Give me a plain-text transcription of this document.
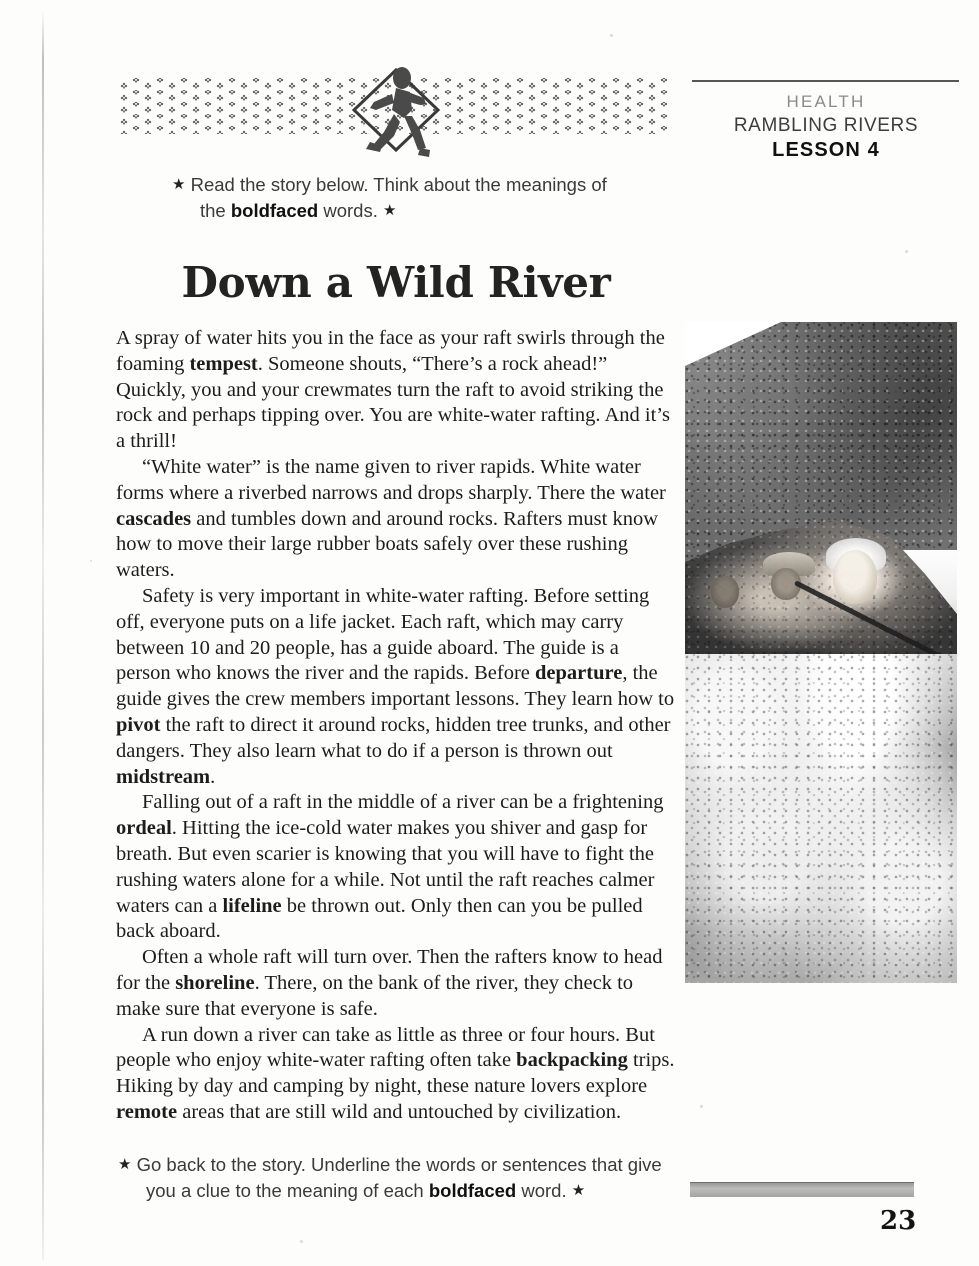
HEALTH
RAMBLING RIVERS
LESSON 4
★ Read the story below. Think about the meanings of
the boldfaced words. ★
Down a Wild River

A spray of water hits you in the face as your raft swirls through the foaming tempest. Someone shouts, “There’s a rock ahead!” Quickly, you and your crewmates turn the raft to avoid striking the rock and perhaps tipping over. You are white-water rafting. And it’s a thrill!

“White water” is the name given to river rapids. White water forms where a riverbed narrows and drops sharply. There the water cascades and tumbles down and around rocks. Rafters must know how to move their large rubber boats safely over these rushing waters.

Safety is very important in white-water rafting. Before setting off, everyone puts on a life jacket. Each raft, which may carry between 10 and 20 people, has a guide aboard. The guide is a person who knows the river and the rapids. Before departure, the guide gives the crew members important lessons. They learn how to pivot the raft to direct it around rocks, hidden tree trunks, and other dangers. They also learn what to do if a person is thrown out midstream.

Falling out of a raft in the middle of a river can be a frightening ordeal. Hitting the ice-cold water makes you shiver and gasp for breath. But even scarier is knowing that you will have to fight the rushing waters alone for a while. Not until the raft reaches calmer waters can a lifeline be thrown out. Only then can you be pulled back aboard.

Often a whole raft will turn over. Then the rafters know to head for the shoreline. There, on the bank of the river, they check to make sure that everyone is safe.

A run down a river can take as little as three or four hours. But people who enjoy white-water rafting often take backpacking trips. Hiking by day and camping by night, these nature lovers explore remote areas that are still wild and untouched by civilization.

★ Go back to the story. Underline the words or sentences that give
you a clue to the meaning of each boldfaced word. ★
23
